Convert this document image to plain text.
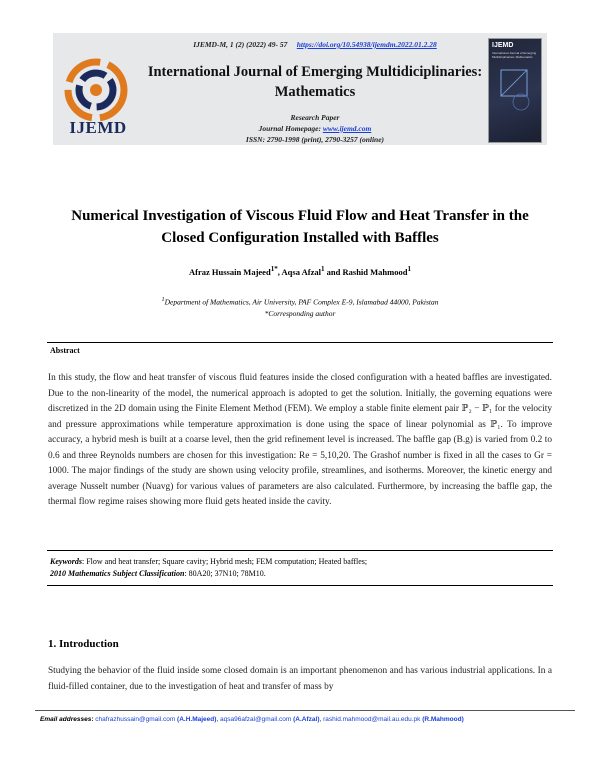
IJEMD
IJEMD-M, 1 (2) (2022) 49- 57 https://doi.org/10.54938/ijemdm.2022.01.2.28
International Journal of Emerging Multidiciplinaries: Mathematics
Research Paper
Journal Homepage: www.ijemd.com
ISSN: 2790-1998 (print), 2790-3257 (online)
IJEMD
International Journal of Emerging Multidiciplinaries: Mathematics
Numerical Investigation of Viscous Fluid Flow and Heat Transfer in the Closed Configuration Installed with Baffles
Afraz Hussain Majeed$^{1*}$, Aqsa Afzal$^1$ and Rashid Mahmood$^1$
$^1$Department of Mathematics, Air University, PAF Complex E-9, Islamabad 44000, Pakistan
*Corresponding author
Abstract
In this study, the flow and heat transfer of viscous fluid features inside the closed configuration with a heated baffles are investigated. Due to the non-linearity of the model, the numerical approach is adopted to get the solution. Initially, the governing equations were discretized in the 2D domain using the Finite Element Method (FEM). We employ a stable finite element pair ℙ₂ − ℙ₁ for the velocity and pressure approximations while temperature approximation is done using the space of linear polynomial as ℙ₁. To improve accuracy, a hybrid mesh is built at a coarse level, then the grid refinement level is increased. The baffle gap (B.g) is varied from 0.2 to 0.6 and three Reynolds numbers are chosen for this investigation: Re = 5,10,20. The Grashof number is fixed in all the cases to Gr = 1000. The major findings of the study are shown using velocity profile, streamlines, and isotherms. Moreover, the kinetic energy and average Nusselt number (Nuavg) for various values of parameters are also calculated. Furthermore, by increasing the baffle gap, the thermal flow regime raises showing more fluid gets heated inside the cavity.
Keywords: Flow and heat transfer; Square cavity; Hybrid mesh; FEM computation; Heated baffles;
2010 Mathematics Subject Classification: 80A20; 37N10; 78M10.
1. Introduction
Studying the behavior of the fluid inside some closed domain is an important phenomenon and has various industrial applications. In a fluid-filled container, due to the investigation of heat and transfer of mass by
Email addresses: chafrazhussain@gmail.com (A.H.Majeed), aqsa96afzal@gmail.com (A.Afzal), rashid.mahmood@mail.au.edu.pk (R.Mahmood)
